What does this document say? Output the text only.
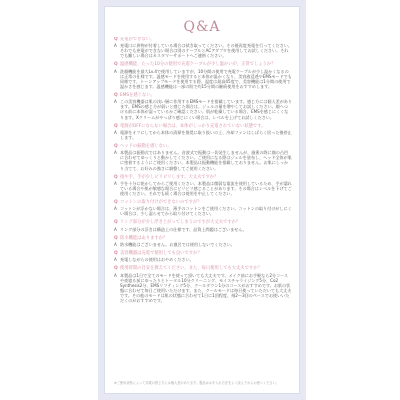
Q&A
Q 充電ができない。
A 充電口に異物が付着している場合は拭き取ってください。その後再度充電を行ってください。それでも充電ができない場合は別のケーブルとACアダプタを使用してお試しください。それでも難しい場合はカスタマーサポートへご連絡ください。
Q 温感機能、たった10分の使用で充電ケーブルが少し温かいが、正常でしょうか？
A 洗顔機能を最大Lv.4で使用していますが、10分間の使用で充電ケーブルが少し温かくなるのは正常の仕様です。温感モードを使用すると本体が温かくなり、美容液浸透やEMSモードでも同様です。トーンアップモードを使用する際、温度は最高45度で、美容機能は1分間の使用で温かさを感じます。温感機能は一部の肌で約15分間の継続使用をおすすめします。
Q EMSを感じない。
A この美容機器は肌の浅い層に作用するEMSモードを搭載しています。感じ方には個人差があります。EMSの感じ方が弱いと感じた場合は、ジェルの量を増やしてお試しください。顔へつける前に本体が湿っているかご確認ください。肌が乾燥している場合、EMSを感じにくくなります。Xクリームがやっぱり感じにくい場合は、レベルを上げてお試しください。
Q 電源がOFFにならない場合は、本体がしっかり充電されていない状態です。
A 電源をオフにしてから本体の清掃を推奨に取り扱いの上、冷却ファンはしばらく回った後停止します。
Q ヘッドの振動を感じない。
A 本製品は振動式ではありません。音波式で振動は一切発生しませんが、施術の際に顔の凸凹に合わせてゆっくりと動かしてください。ご使用になる際はジェルを塗布し、ヘッド全体が肌に密着するようにご使用ください。本製品は振動機能を搭載しておりません。お肌にしっかり当てて、お好みの強さに調整してご使用ください。
Q 指や手、手が少しピリピリします。大丈夫ですか？
A 手を十分に乾かしてからご使用ください。本製品は微弱な電流を使用しているため、手が濡れている場合や肌が敏感な場合にピリピリ感じることがあります。その場合はレベルを下げてご使用ください。それでも続く場合は使用を中止してください。
Q コットンの取り付けができないのですが？
A コットンが浮かない場合は、薄手のコットンをご使用ください。コットンの取り付けがしにくい場合は、少し湿らせてから取り付けてください。
Q リング部分が少し浮き上がってしまうのですが大丈夫ですか？
A リング部分の浮きは構造上の仕様です。品質上問題はございません。
Q 防水機能はありますか？
A 防水機能はございません。お風呂では使用しないでください。
Q 美容機器は充電で使用しても良いですか？
A 充電しながらの使用はおやめください。
Q 使用時間の目安を教えてください。また、毎日使用しても大丈夫ですか？
A 本製品は1日で全てのモードを使って頂いても大丈夫です。メイク前にお手軽なら2分コースや夜寝る前にゆったりとトータル10分クリーニング、モイスチャライジング5分、Co2 Synthesis2分、EMSリフティング5分、クールダウン1分のコースがおすすめです。お肌の状態に合わせて毎日ご使用いただけます。また、クールモードは毎日使っていただいても大丈夫です。その他のモードは肌の状態に合わせて1日に1回程度、週2〜3回のペースでお使いいただくのがおすすめです。
※ご使用状態によって効果の感じ方には個人差があります。製品はお手入れ方法をよく読んでからお使いください。
